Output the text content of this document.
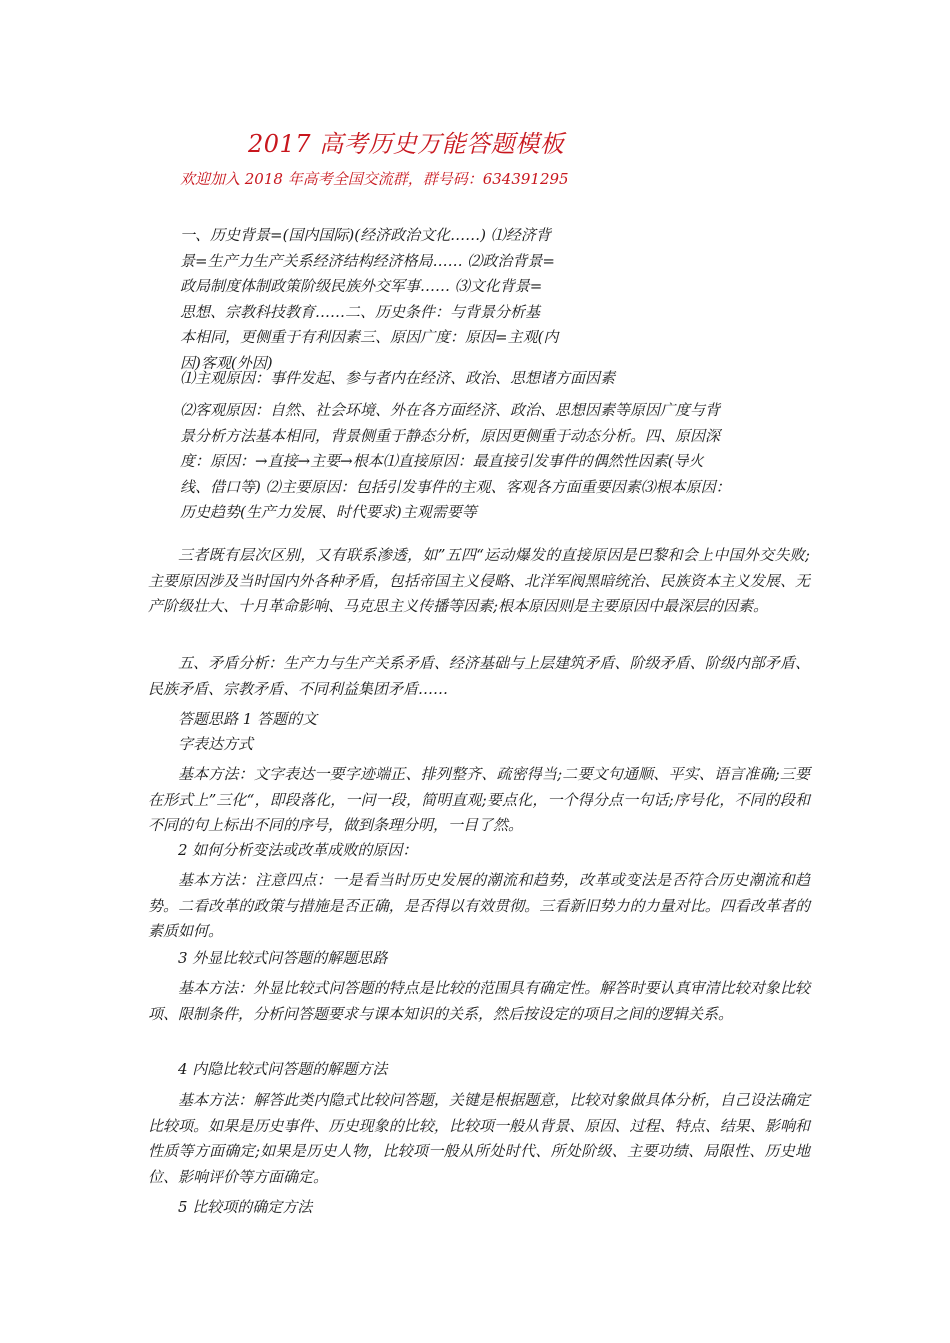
2017 高考历史万能答题模板
欢迎加入 2018 年高考全国交流群，群号码：634391295
一、历史背景=(国内国际)(经济政治文化……) ⑴经济背
景=生产力生产关系经济结构经济格局…… ⑵政治背景=
政局制度体制政策阶级民族外交军事…… ⑶文化背景=
思想、宗教科技教育……二、历史条件：与背景分析基
本相同，更侧重于有利因素三、原因广度：原因=主观(内
因)客观(外因)
⑴主观原因：事件发起、参与者内在经济、政治、思想诸方面因素
⑵客观原因：自然、社会环境、外在各方面经济、政治、思想因素等原因广度与背
景分析方法基本相同，背景侧重于静态分析，原因更侧重于动态分析。四、原因深
度：原因：→直接→主要→根本⑴直接原因：最直接引发事件的偶然性因素(导火
线、借口等) ⑵主要原因：包括引发事件的主观、客观各方面重要因素⑶根本原因：
历史趋势(生产力发展、时代要求)主观需要等
三者既有层次区别，又有联系渗透，如”五四“运动爆发的直接原因是巴黎和会上中国外交失败;主要原因涉及当时国内外各种矛盾，包括帝国主义侵略、北洋军阀黑暗统治、民族资本主义发展、无产阶级壮大、十月革命影响、马克思主义传播等因素;根本原因则是主要原因中最深层的因素。
五、矛盾分析：生产力与生产关系矛盾、经济基础与上层建筑矛盾、阶级矛盾、阶级内部矛盾、民族矛盾、宗教矛盾、不同利益集团矛盾……
答题思路 1 答题的文
字表达方式
基本方法：文字表达一要字迹端正、排列整齐、疏密得当;二要文句通顺、平实、语言准确;三要在形式上”三化“，即段落化，一问一段，简明直观;要点化，一个得分点一句话;序号化，不同的段和不同的句上标出不同的序号，做到条理分明，一目了然。
2 如何分析变法或改革成败的原因：
基本方法：注意四点：一是看当时历史发展的潮流和趋势，改革或变法是否符合历史潮流和趋势。二看改革的政策与措施是否正确，是否得以有效贯彻。三看新旧势力的力量对比。四看改革者的素质如何。
3 外显比较式问答题的解题思路
基本方法：外显比较式问答题的特点是比较的范围具有确定性。解答时要认真审清比较对象比较项、限制条件，分析问答题要求与课本知识的关系，然后按设定的项目之间的逻辑关系。
4 内隐比较式问答题的解题方法
基本方法：解答此类内隐式比较问答题，关键是根据题意，比较对象做具体分析，自己设法确定比较项。如果是历史事件、历史现象的比较，比较项一般从背景、原因、过程、特点、结果、影响和性质等方面确定;如果是历史人物，比较项一般从所处时代、所处阶级、主要功绩、局限性、历史地位、影响评价等方面确定。
5 比较项的确定方法
